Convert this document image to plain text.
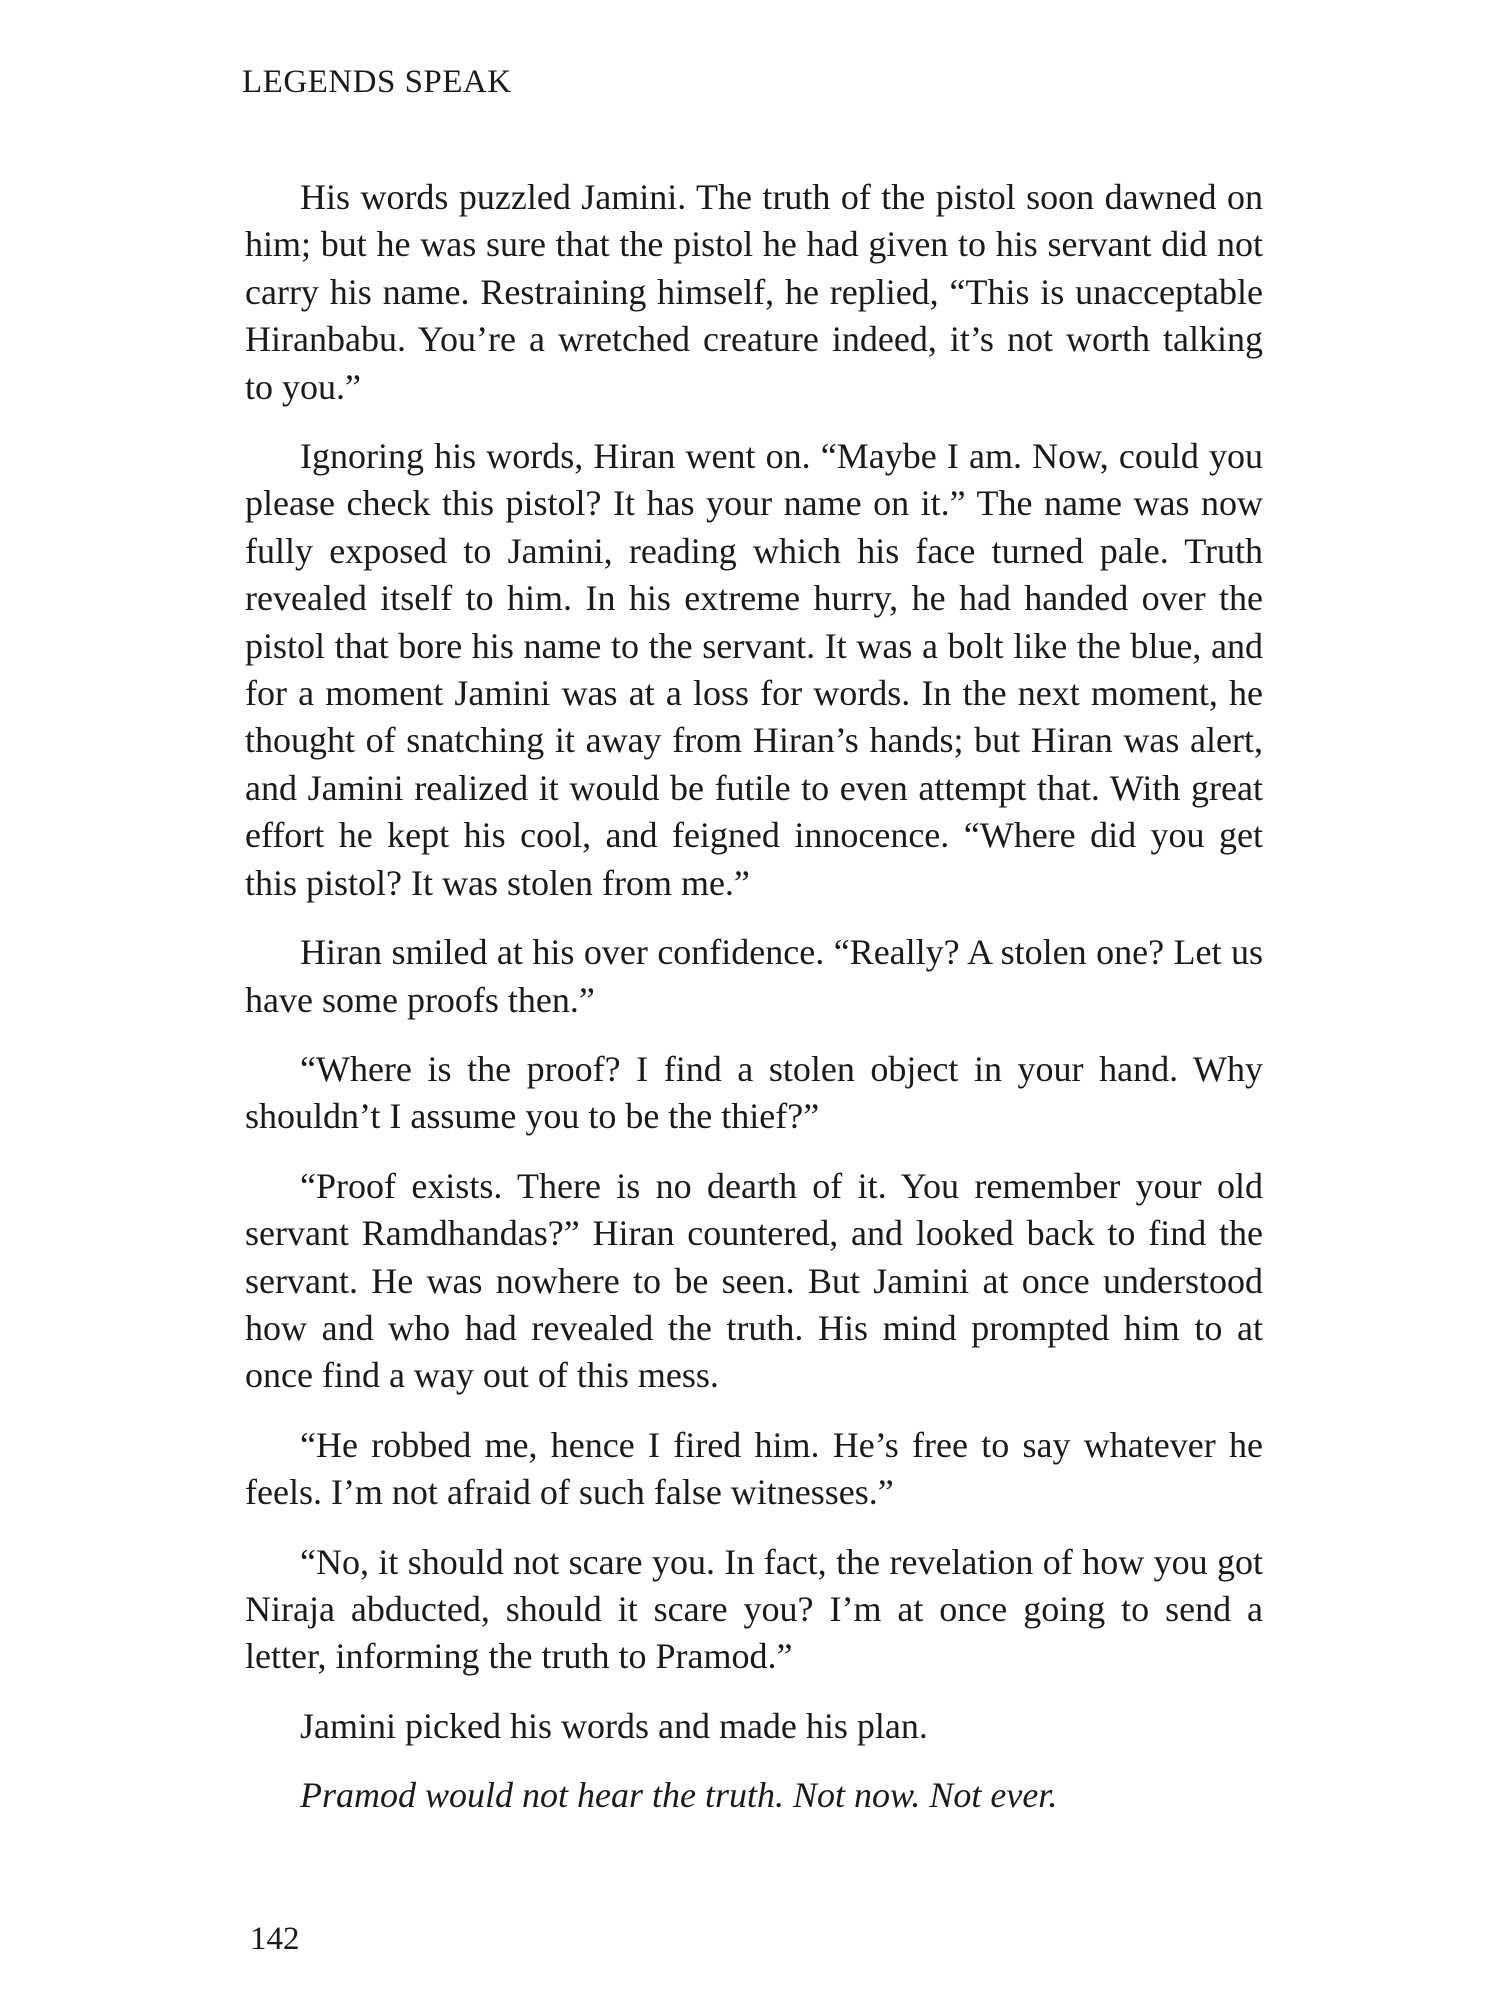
LEGENDS SPEAK

His words puzzled Jamini. The truth of the pistol soon dawned on him; but he was sure that the pistol he had given to his servant did not carry his name. Restraining himself, he replied, “This is unacceptable Hiranbabu. You’re a wretched creature indeed, it’s not worth talking to you.”

Ignoring his words, Hiran went on. “Maybe I am. Now, could you please check this pistol? It has your name on it.” The name was now fully exposed to Jamini, reading which his face turned pale. Truth revealed itself to him. In his extreme hurry, he had handed over the pistol that bore his name to the servant. It was a bolt like the blue, and for a moment Jamini was at a loss for words. In the next moment, he thought of snatching it away from Hiran’s hands; but Hiran was alert, and Jamini realized it would be futile to even attempt that. With great effort he kept his cool, and feigned innocence. “Where did you get this pistol? It was stolen from me.”

Hiran smiled at his over confidence. “Really? A stolen one? Let us have some proofs then.”

“Where is the proof? I find a stolen object in your hand. Why shouldn’t I assume you to be the thief?”

“Proof exists. There is no dearth of it. You remember your old servant Ramdhandas?” Hiran countered, and looked back to find the servant. He was nowhere to be seen. But Jamini at once understood how and who had revealed the truth. His mind prompted him to at once find a way out of this mess.

“He robbed me, hence I fired him. He’s free to say whatever he feels. I’m not afraid of such false witnesses.”

“No, it should not scare you. In fact, the revelation of how you got Niraja abducted, should it scare you? I’m at once going to send a letter, informing the truth to Pramod.”

Jamini picked his words and made his plan.

Pramod would not hear the truth. Not now. Not ever.

142
